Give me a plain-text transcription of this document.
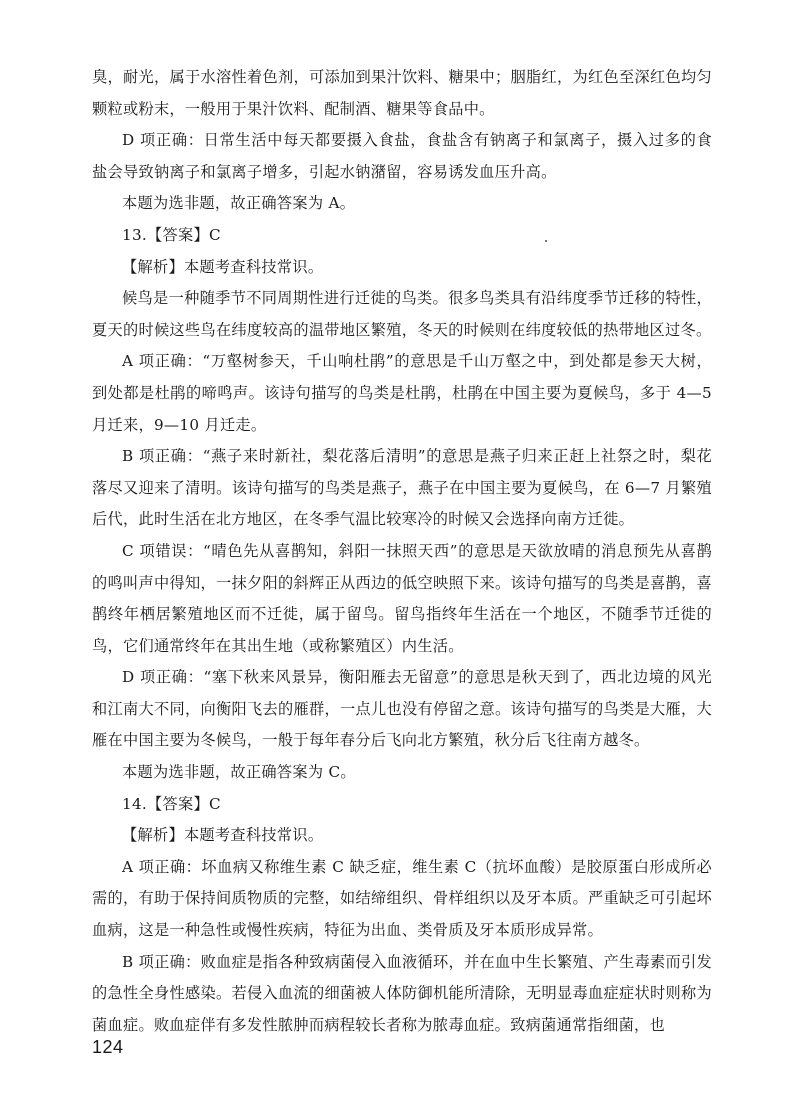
臭，耐光，属于水溶性着色剂，可添加到果汁饮料、糖果中；胭脂红，为红色至深红色均匀颗粒或粉末，一般用于果汁饮料、配制酒、糖果等食品中。

D 项正确：日常生活中每天都要摄入食盐，食盐含有钠离子和氯离子，摄入过多的食盐会导致钠离子和氯离子增多，引起水钠潴留，容易诱发血压升高。

本题为选非题，故正确答案为 A。

13.【答案】C

【解析】本题考查科技常识。

候鸟是一种随季节不同周期性进行迁徙的鸟类。很多鸟类具有沿纬度季节迁移的特性，夏天的时候这些鸟在纬度较高的温带地区繁殖，冬天的时候则在纬度较低的热带地区过冬。

A 项正确：“万壑树参天，千山响杜鹃”的意思是千山万壑之中，到处都是参天大树，到处都是杜鹃的啼鸣声。该诗句描写的鸟类是杜鹃，杜鹃在中国主要为夏候鸟，多于 4—5 月迁来，9—10 月迁走。

B 项正确：“燕子来时新社，梨花落后清明”的意思是燕子归来正赶上社祭之时，梨花落尽又迎来了清明。该诗句描写的鸟类是燕子，燕子在中国主要为夏候鸟，在 6—7 月繁殖后代，此时生活在北方地区，在冬季气温比较寒冷的时候又会选择向南方迁徙。

C 项错误：“晴色先从喜鹊知，斜阳一抹照天西”的意思是天欲放晴的消息预先从喜鹊的鸣叫声中得知，一抹夕阳的斜辉正从西边的低空映照下来。该诗句描写的鸟类是喜鹊，喜鹊终年栖居繁殖地区而不迁徙，属于留鸟。留鸟指终年生活在一个地区，不随季节迁徙的鸟，它们通常终年在其出生地（或称繁殖区）内生活。

D 项正确：“塞下秋来风景异，衡阳雁去无留意”的意思是秋天到了，西北边境的风光和江南大不同，向衡阳飞去的雁群，一点儿也没有停留之意。该诗句描写的鸟类是大雁，大雁在中国主要为冬候鸟，一般于每年春分后飞向北方繁殖，秋分后飞往南方越冬。

本题为选非题，故正确答案为 C。

14.【答案】C

【解析】本题考查科技常识。

A 项正确：坏血病又称维生素 C 缺乏症，维生素 C（抗坏血酸）是胶原蛋白形成所必需的，有助于保持间质物质的完整，如结缔组织、骨样组织以及牙本质。严重缺乏可引起坏血病，这是一种急性或慢性疾病，特征为出血、类骨质及牙本质形成异常。

B 项正确：败血症是指各种致病菌侵入血液循环，并在血中生长繁殖、产生毒素而引发的急性全身性感染。若侵入血流的细菌被人体防御机能所清除，无明显毒血症症状时则称为菌血症。败血症伴有多发性脓肿而病程较长者称为脓毒血症。致病菌通常指细菌，也

124
